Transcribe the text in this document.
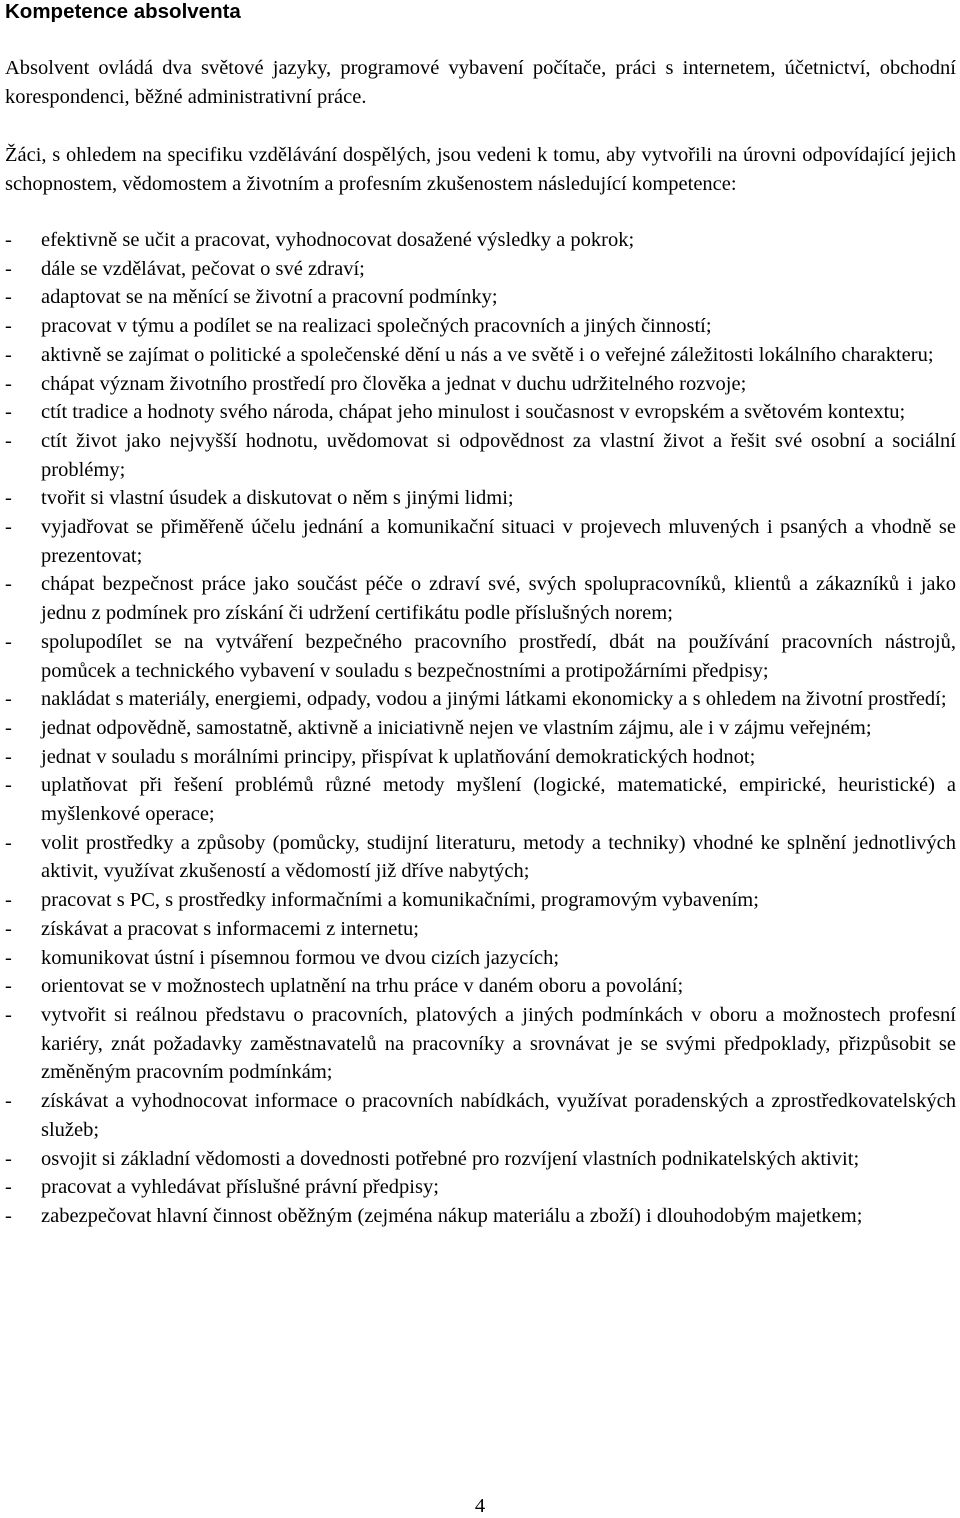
Kompetence absolventa

Absolvent ovládá dva světové jazyky, programové vybavení počítače, práci s internetem, účetnictví, obchodní korespondenci, běžné administrativní práce.

Žáci, s ohledem na specifiku vzdělávání dospělých, jsou vedeni k tomu, aby vytvořili na úrovni odpovídající jejich schopnostem, vědomostem a životním a profesním zkušenostem následující kompetence:

- efektivně se učit a pracovat, vyhodnocovat dosažené výsledky a pokrok;
- dále se vzdělávat, pečovat o své zdraví;
- adaptovat se na měnící se životní a pracovní podmínky;
- pracovat v týmu a podílet se na realizaci společných pracovních a jiných činností;
- aktivně se zajímat o politické a společenské dění u nás a ve světě i o veřejné záležitosti lokálního charakteru;
- chápat význam životního prostředí pro člověka a jednat v duchu udržitelného rozvoje;
- ctít tradice a hodnoty svého národa, chápat jeho minulost i současnost v evropském a světovém kontextu;
- ctít život jako nejvyšší hodnotu, uvědomovat si odpovědnost za vlastní život a řešit své osobní a sociální problémy;
- tvořit si vlastní úsudek a diskutovat o něm s jinými lidmi;
- vyjadřovat se přiměřeně účelu jednání a komunikační situaci v projevech mluvených i psaných a vhodně se prezentovat;
- chápat bezpečnost práce jako součást péče o zdraví své, svých spolupracovníků, klientů a zákazníků i jako jednu z podmínek pro získání či udržení certifikátu podle příslušných norem;
- spolupodílet se na vytváření bezpečného pracovního prostředí, dbát na používání pracovních nástrojů, pomůcek a technického vybavení v souladu s bezpečnostními a protipožárními předpisy;
- nakládat s materiály, energiemi, odpady, vodou a jinými látkami ekonomicky a s ohledem na životní prostředí;
- jednat odpovědně, samostatně, aktivně a iniciativně nejen ve vlastním zájmu, ale i v zájmu veřejném;
- jednat v souladu s morálními principy, přispívat k uplatňování demokratických hodnot;
- uplatňovat při řešení problémů různé metody myšlení (logické, matematické, empirické, heuristické) a myšlenkové operace;
- volit prostředky a způsoby (pomůcky, studijní literaturu, metody a techniky) vhodné ke splnění jednotlivých aktivit, využívat zkušeností a vědomostí již dříve nabytých;
- pracovat s PC, s prostředky informačními a komunikačními, programovým vybavením;
- získávat a pracovat s informacemi z internetu;
- komunikovat ústní i písemnou formou ve dvou cizích jazycích;
- orientovat se v možnostech uplatnění na trhu práce v daném oboru a povolání;
- vytvořit si reálnou představu o pracovních, platových a jiných podmínkách v oboru a možnostech profesní kariéry, znát požadavky zaměstnavatelů na pracovníky a srovnávat je se svými předpoklady, přizpůsobit se změněným pracovním podmínkám;
- získávat a vyhodnocovat informace o pracovních nabídkách, využívat poradenských a zprostředkovatelských služeb;
- osvojit si základní vědomosti a dovednosti potřebné pro rozvíjení vlastních podnikatelských aktivit;
- pracovat a vyhledávat příslušné právní předpisy;
- zabezpečovat hlavní činnost oběžným (zejména nákup materiálu a zboží) i dlouhodobým majetkem;

4
